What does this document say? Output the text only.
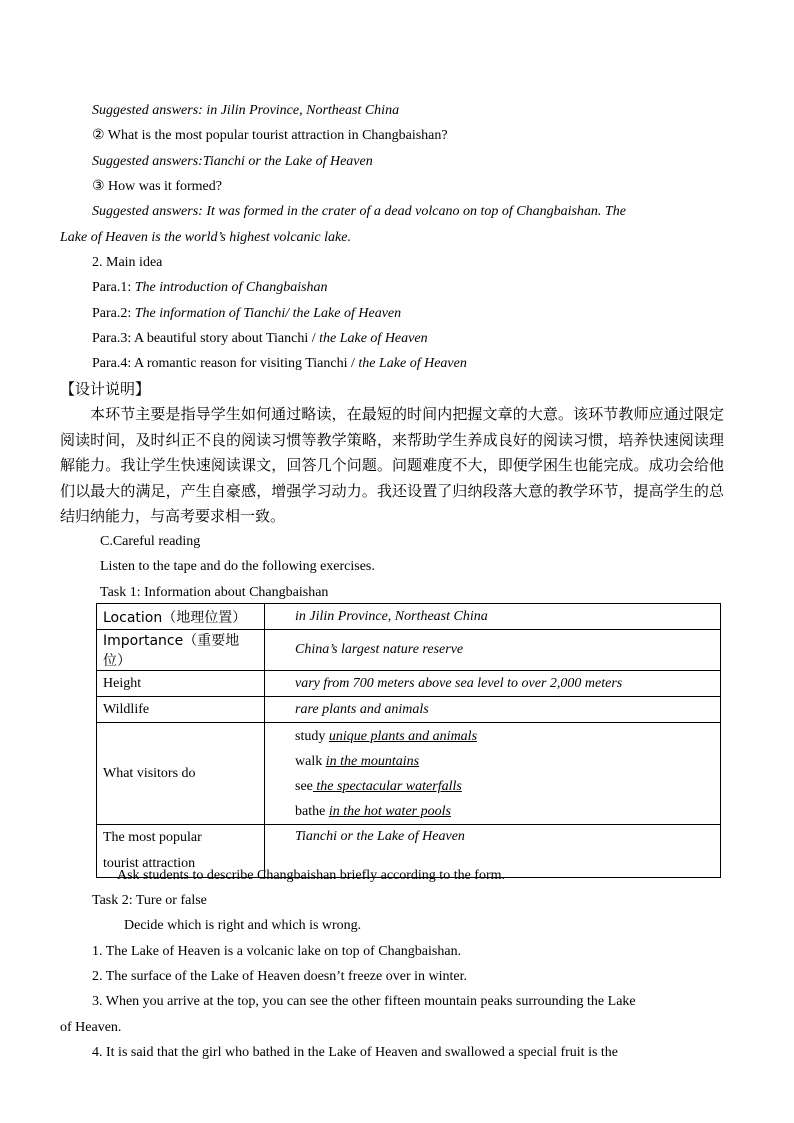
Suggested answers: in Jilin Province, Northeast China
② What is the most popular tourist attraction in Changbaishan?
Suggested answers:Tianchi or the Lake of Heaven
③ How was it formed?
Suggested answers: It was formed in the crater of a dead volcano on top of Changbaishan. The
Lake of Heaven is the world’s highest volcanic lake.
2. Main idea
Para.1: The introduction of Changbaishan
Para.2: The information of Tianchi/ the Lake of Heaven
Para.3: A beautiful story about Tianchi / the Lake of Heaven
Para.4: A romantic reason for visiting Tianchi / the Lake of Heaven
【设计说明】
本环节主要是指导学生如何通过略读，在最短的时间内把握文章的大意。该环节教师应通过限定阅读时间，及时纠正不良的阅读习惯等教学策略，来帮助学生养成良好的阅读习惯，培养快速阅读理解能力。我让学生快速阅读课文，回答几个问题。问题难度不大，即便学困生也能完成。成功会给他们以最大的满足，产生自豪感，增强学习动力。我还设置了归纳段落大意的教学环节，提高学生的总结归纳能力，与高考要求相一致。
C.Careful reading
Listen to the tape and do the following exercises.
Task 1: Information about Changbaishan
Location（地理位置）	in Jilin Province, Northeast China
Importance（重要地位）	China’s largest nature reserve
Height	vary from 700 meters above sea level to over 2,000 meters
Wildlife	rare plants and animals
What visitors do	study unique plants and animals
walk in the mountains
see the spectacular waterfalls
bathe in the hot water pools

The most popular
tourist attraction	Tianchi or the Lake of Heaven
Ask students to describe Changbaishan briefly according to the form.
Task 2: Ture or false
Decide which is right and which is wrong.
1. The Lake of Heaven is a volcanic lake on top of Changbaishan.
2. The surface of the Lake of Heaven doesn’t freeze over in winter.
3. When you arrive at the top, you can see the other fifteen mountain peaks surrounding the Lake
of Heaven.
4. It is said that the girl who bathed in the Lake of Heaven and swallowed a special fruit is the
